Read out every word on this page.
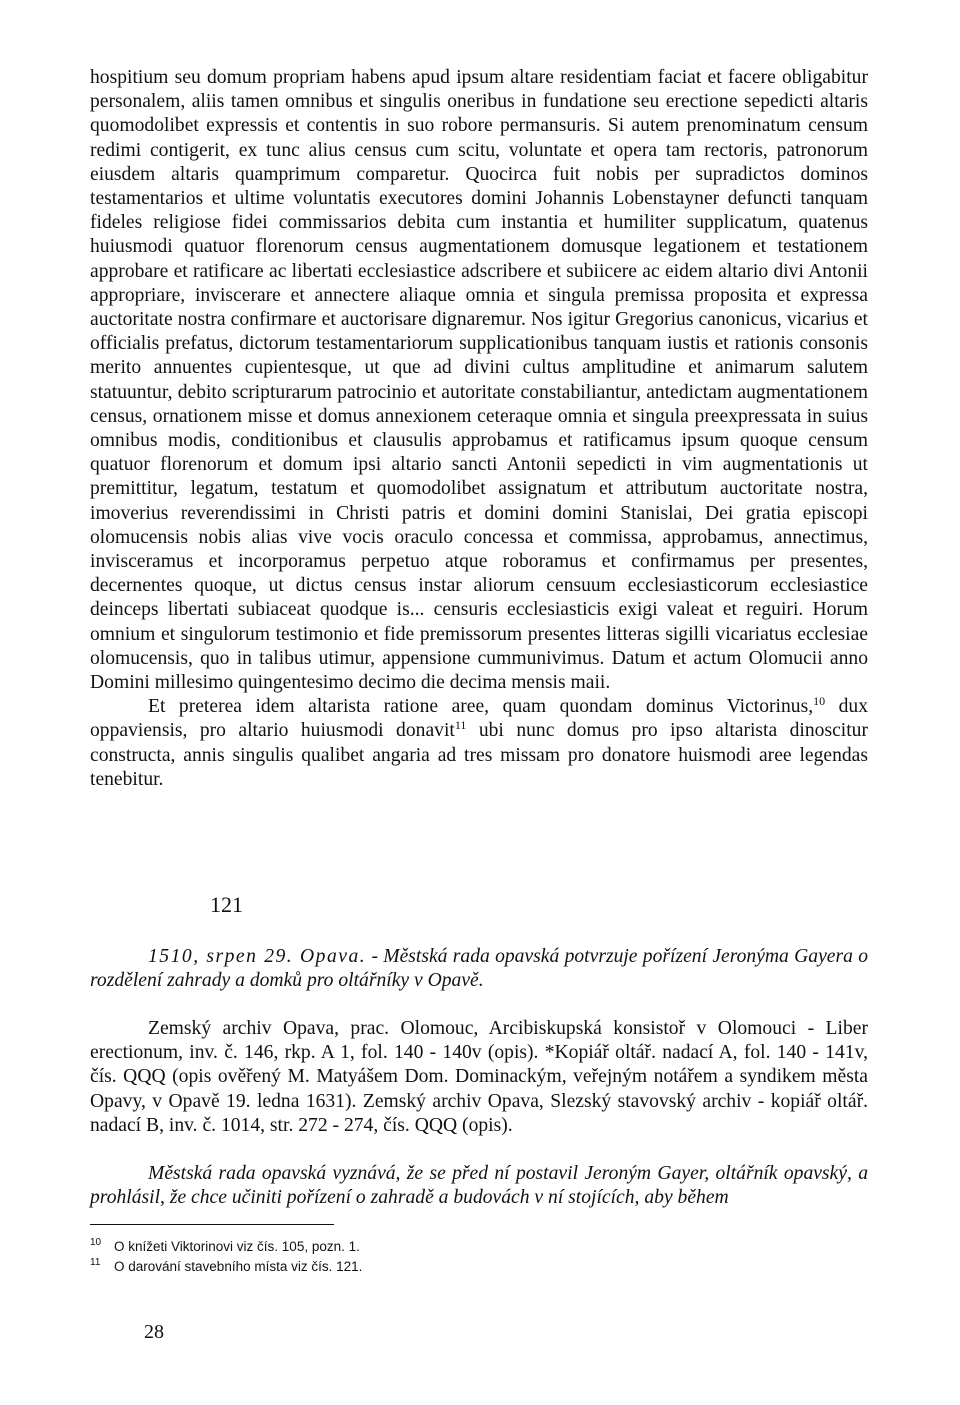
hospitium seu domum propriam habens apud ipsum altare residentiam faciat et facere obligabitur personalem, aliis tamen omnibus et singulis oneribus in fundatione seu erectione sepedicti altaris quomodolibet expressis et contentis in suo robore permansuris. Si autem prenominatum censum redimi contigerit, ex tunc alius census cum scitu, voluntate et opera tam rectoris, patronorum eiusdem altaris quamprimum comparetur. Quocirca fuit nobis per supradictos dominos testamentarios et ultime voluntatis executores domini Johannis Lobenstayner defuncti tanquam fideles religiose fidei commissarios debita cum instantia et humiliter supplicatum, quatenus huiusmodi quatuor florenorum census augmentationem domusque legationem et testationem approbare et ratificare ac libertati ecclesiastice adscribere et subiicere ac eidem altario divi Antonii appropriare, inviscerare et annectere aliaque omnia et singula premissa proposita et expressa auctoritate nostra confirmare et auctorisare dignaremur. Nos igitur Gregorius canonicus, vicarius et officialis prefatus, dictorum testamentariorum supplicationibus tanquam iustis et rationis consonis merito annuentes cupientesque, ut que ad divini cultus amplitudine et animarum salutem statuuntur, debito scripturarum patrocinio et autoritate constabiliantur, antedictam augmentationem census, ornationem misse et domus annexionem ceteraque omnia et singula preexpressata in suius omnibus modis, conditionibus et clausulis approbamus et ratificamus ipsum quoque censum quatuor florenorum et domum ipsi altario sancti Antonii sepedicti in vim augmentationis ut premittitur, legatum, testatum et quomodolibet assignatum et attributum auctoritate nostra, imoverius reverendissimi in Christi patris et domini domini Stanislai, Dei gratia episcopi olomucensis nobis alias vive vocis oraculo concessa et commissa, approbamus, annectimus, invisceramus et incorporamus perpetuo atque roboramus et confirmamus per presentes, decernentes quoque, ut dictus census instar aliorum censuum ecclesiasticorum ecclesiastice deinceps libertati subiaceat quodque is... censuris ecclesiasticis exigi valeat et reguiri. Horum omnium et singulorum testimonio et fide premissorum presentes litteras sigilli vicariatus ecclesiae olomucensis, quo in talibus utimur, appensione cummunivimus. Datum et actum Olomucii anno Domini millesimo quingentesimo decimo die decima mensis maii.

Et preterea idem altarista ratione aree, quam quondam dominus Victorinus,$^{10}$ dux oppaviensis, pro altario huiusmodi donavit$^{11}$ ubi nunc domus pro ipso altarista dinoscitur constructa, annis singulis qualibet angaria ad tres missam pro donatore huismodi aree legendas tenebitur.

121

1510, srpen 29. Opava. - Městská rada opavská potvrzuje pořízení Jeronýma Gayera o rozdělení zahrady a domků pro oltářníky v Opavě.

Zemský archiv Opava, prac. Olomouc, Arcibiskupská konsistoř v Olomouci - Liber erectionum, inv. č. 146, rkp. A 1, fol. 140 - 140v (opis). *Kopiář oltář. nadací A, fol. 140 - 141v, čís. QQQ (opis ověřený M. Matyášem Dom. Dominackým, veřejným notářem a syndikem města Opavy, v Opavě 19. ledna 1631). Zemský archiv Opava, Slezský stavovský archiv - kopiář oltář. nadací B, inv. č. 1014, str. 272 - 274, čís. QQQ (opis).

Městská rada opavská vyznává, že se před ní postavil Jeroným Gayer, oltářník opavský, a prohlásil, že chce učiniti pořízení o zahradě a budovách v ní stojících, aby během

10 O knížeti Viktorinovi viz čís. 105, pozn. 1.
11 O darování stavebního místa viz čís. 121.

28
